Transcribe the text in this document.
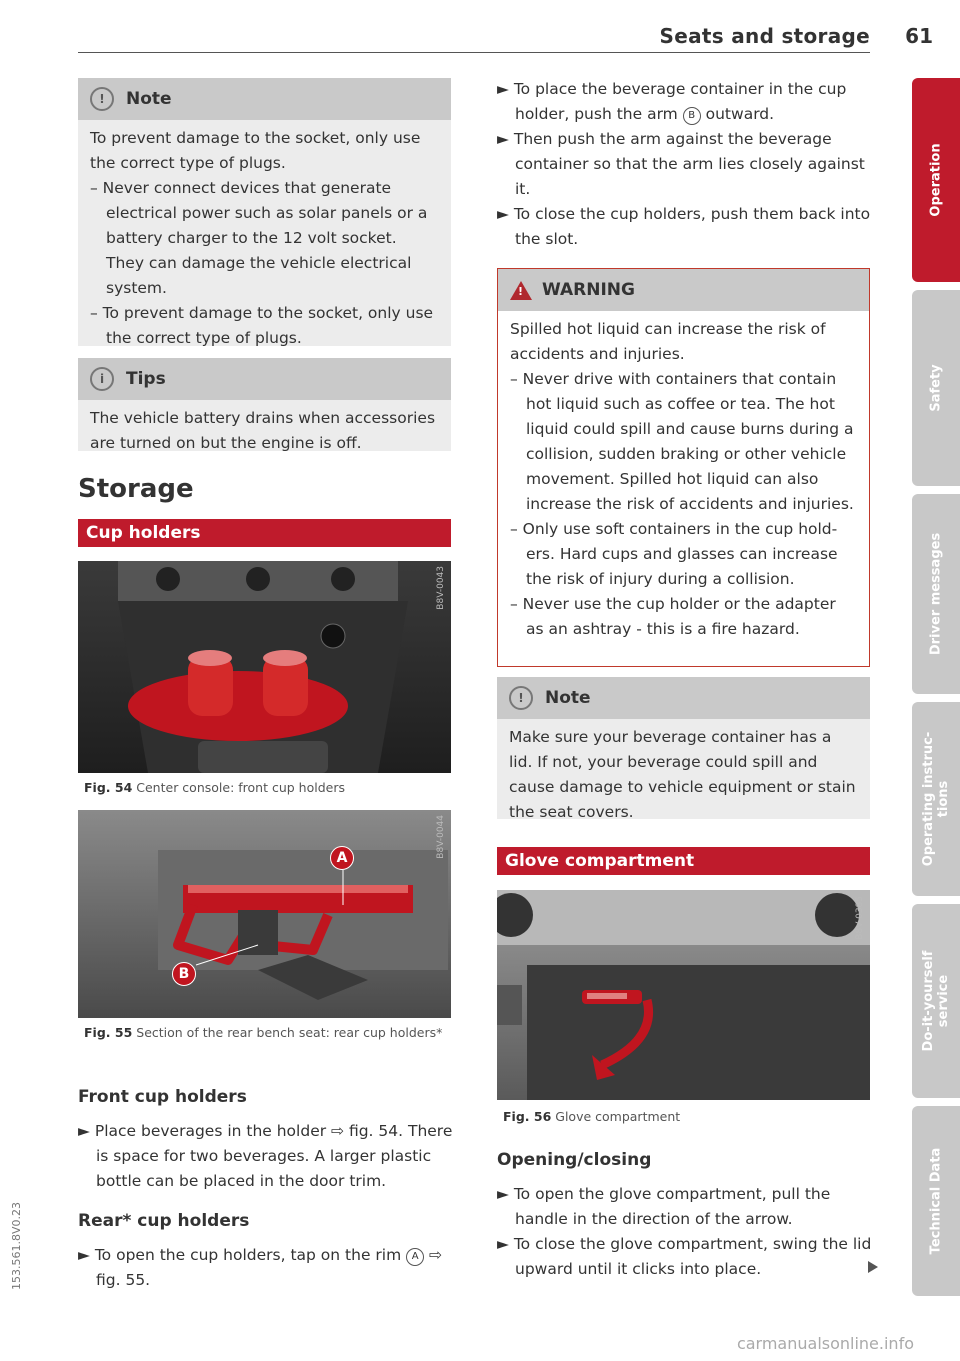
Seats and storage 61
!	Note

To prevent damage to the socket, only use the correct type of plugs.

– Never connect devices that generate electrical power such as solar panels or a battery charger to the 12 volt socket. They can damage the vehicle electrical system.

– To prevent damage to the socket, only use the correct type of plugs.

i	Tips

The vehicle battery drains when accessories are turned on but the engine is off.

Storage
Cup holders
B8V-0043
Fig. 54 Center console: front cup holders
A
B
B8V-0044
Fig. 55 Section of the rear bench seat: rear cup holders*
Front cup holders

► Place beverages in the holder ⇨ fig. 54. There is space for two beverages. A larger plastic bottle can be placed in the door trim.

Rear* cup holders

► To open the cup holders, tap on the rim A ⇨ fig. 55.

► To place the beverage container in the cup holder, push the arm B outward.

► Then push the arm against the beverage container so that the arm lies closely against it.

► To close the cup holders, push them back into the slot.

! WARNING

Spilled hot liquid can increase the risk of accidents and injuries.

– Never drive with containers that contain hot liquid such as coffee or tea. The hot liquid could spill and cause burns during a collision, sudden braking or other vehicle movement. Spilled hot liquid can also increase the risk of accidents and injuries.

– Only use soft containers in the cup holders. Hard cups and glasses can increase the risk of injury during a collision.

– Never use the cup holder or the adapter as an ashtray - this is a fire hazard.

!	Note

Make sure your beverage container has a lid. If not, your beverage could spill and cause damage to vehicle equipment or stain the seat covers.

Glove compartment
B8V-0385
Fig. 56 Glove compartment
Opening/closing

► To open the glove compartment, pull the handle in the direction of the arrow.

► To close the glove compartment, swing the lid upward until it clicks into place.

Operation
Safety
Driver messages
Operating instruc-
tions
Do-it-yourself
service
Technical Data
153.561.8V0.23
carmanualsonline.info
